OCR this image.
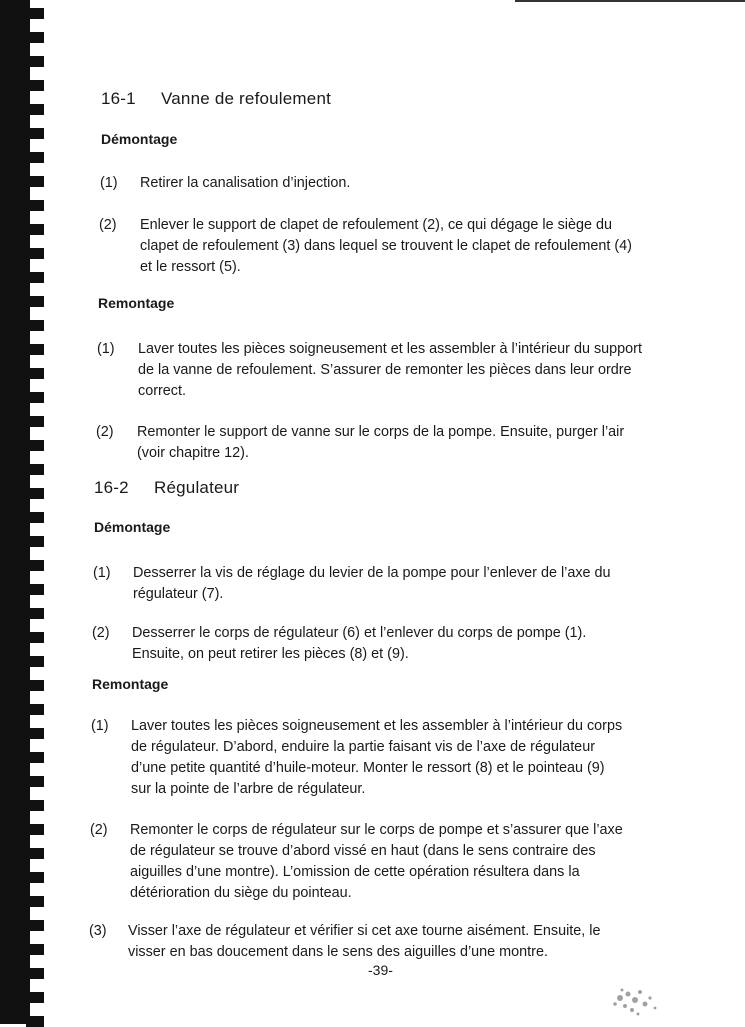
16-1 Vanne de refoulement
Démontage
(1) Retirer la canalisation d’injection.
(2) Enlever le support de clapet de refoulement (2), ce qui dégage le siège du
clapet de refoulement (3) dans lequel se trouvent le clapet de refoulement (4)
et le ressort (5).
Remontage
(1) Laver toutes les pièces soigneusement et les assembler à l’intérieur du support
de la vanne de refoulement. S’assurer de remonter les pièces dans leur ordre
correct.
(2) Remonter le support de vanne sur le corps de la pompe. Ensuite, purger l’air
(voir chapitre 12).
16-2 Régulateur
Démontage
(1) Desserrer la vis de réglage du levier de la pompe pour l’enlever de l’axe du
régulateur (7).
(2) Desserrer le corps de régulateur (6) et l’enlever du corps de pompe (1).
Ensuite, on peut retirer les pièces (8) et (9).
Remontage
(1) Laver toutes les pièces soigneusement et les assembler à l’intérieur du corps
de régulateur. D’abord, enduire la partie faisant vis de l’axe de régulateur
d’une petite quantité d’huile-moteur. Monter le ressort (8) et le pointeau (9)
sur la pointe de l’arbre de régulateur.
(2) Remonter le corps de régulateur sur le corps de pompe et s’assurer que l’axe
de régulateur se trouve d’abord vissé en haut (dans le sens contraire des
aiguilles d’une montre). L’omission de cette opération résultera dans la
détérioration du siège du pointeau.
(3) Visser l’axe de régulateur et vérifier si cet axe tourne aisément. Ensuite, le
visser en bas doucement dans le sens des aiguilles d’une montre.
-39-
